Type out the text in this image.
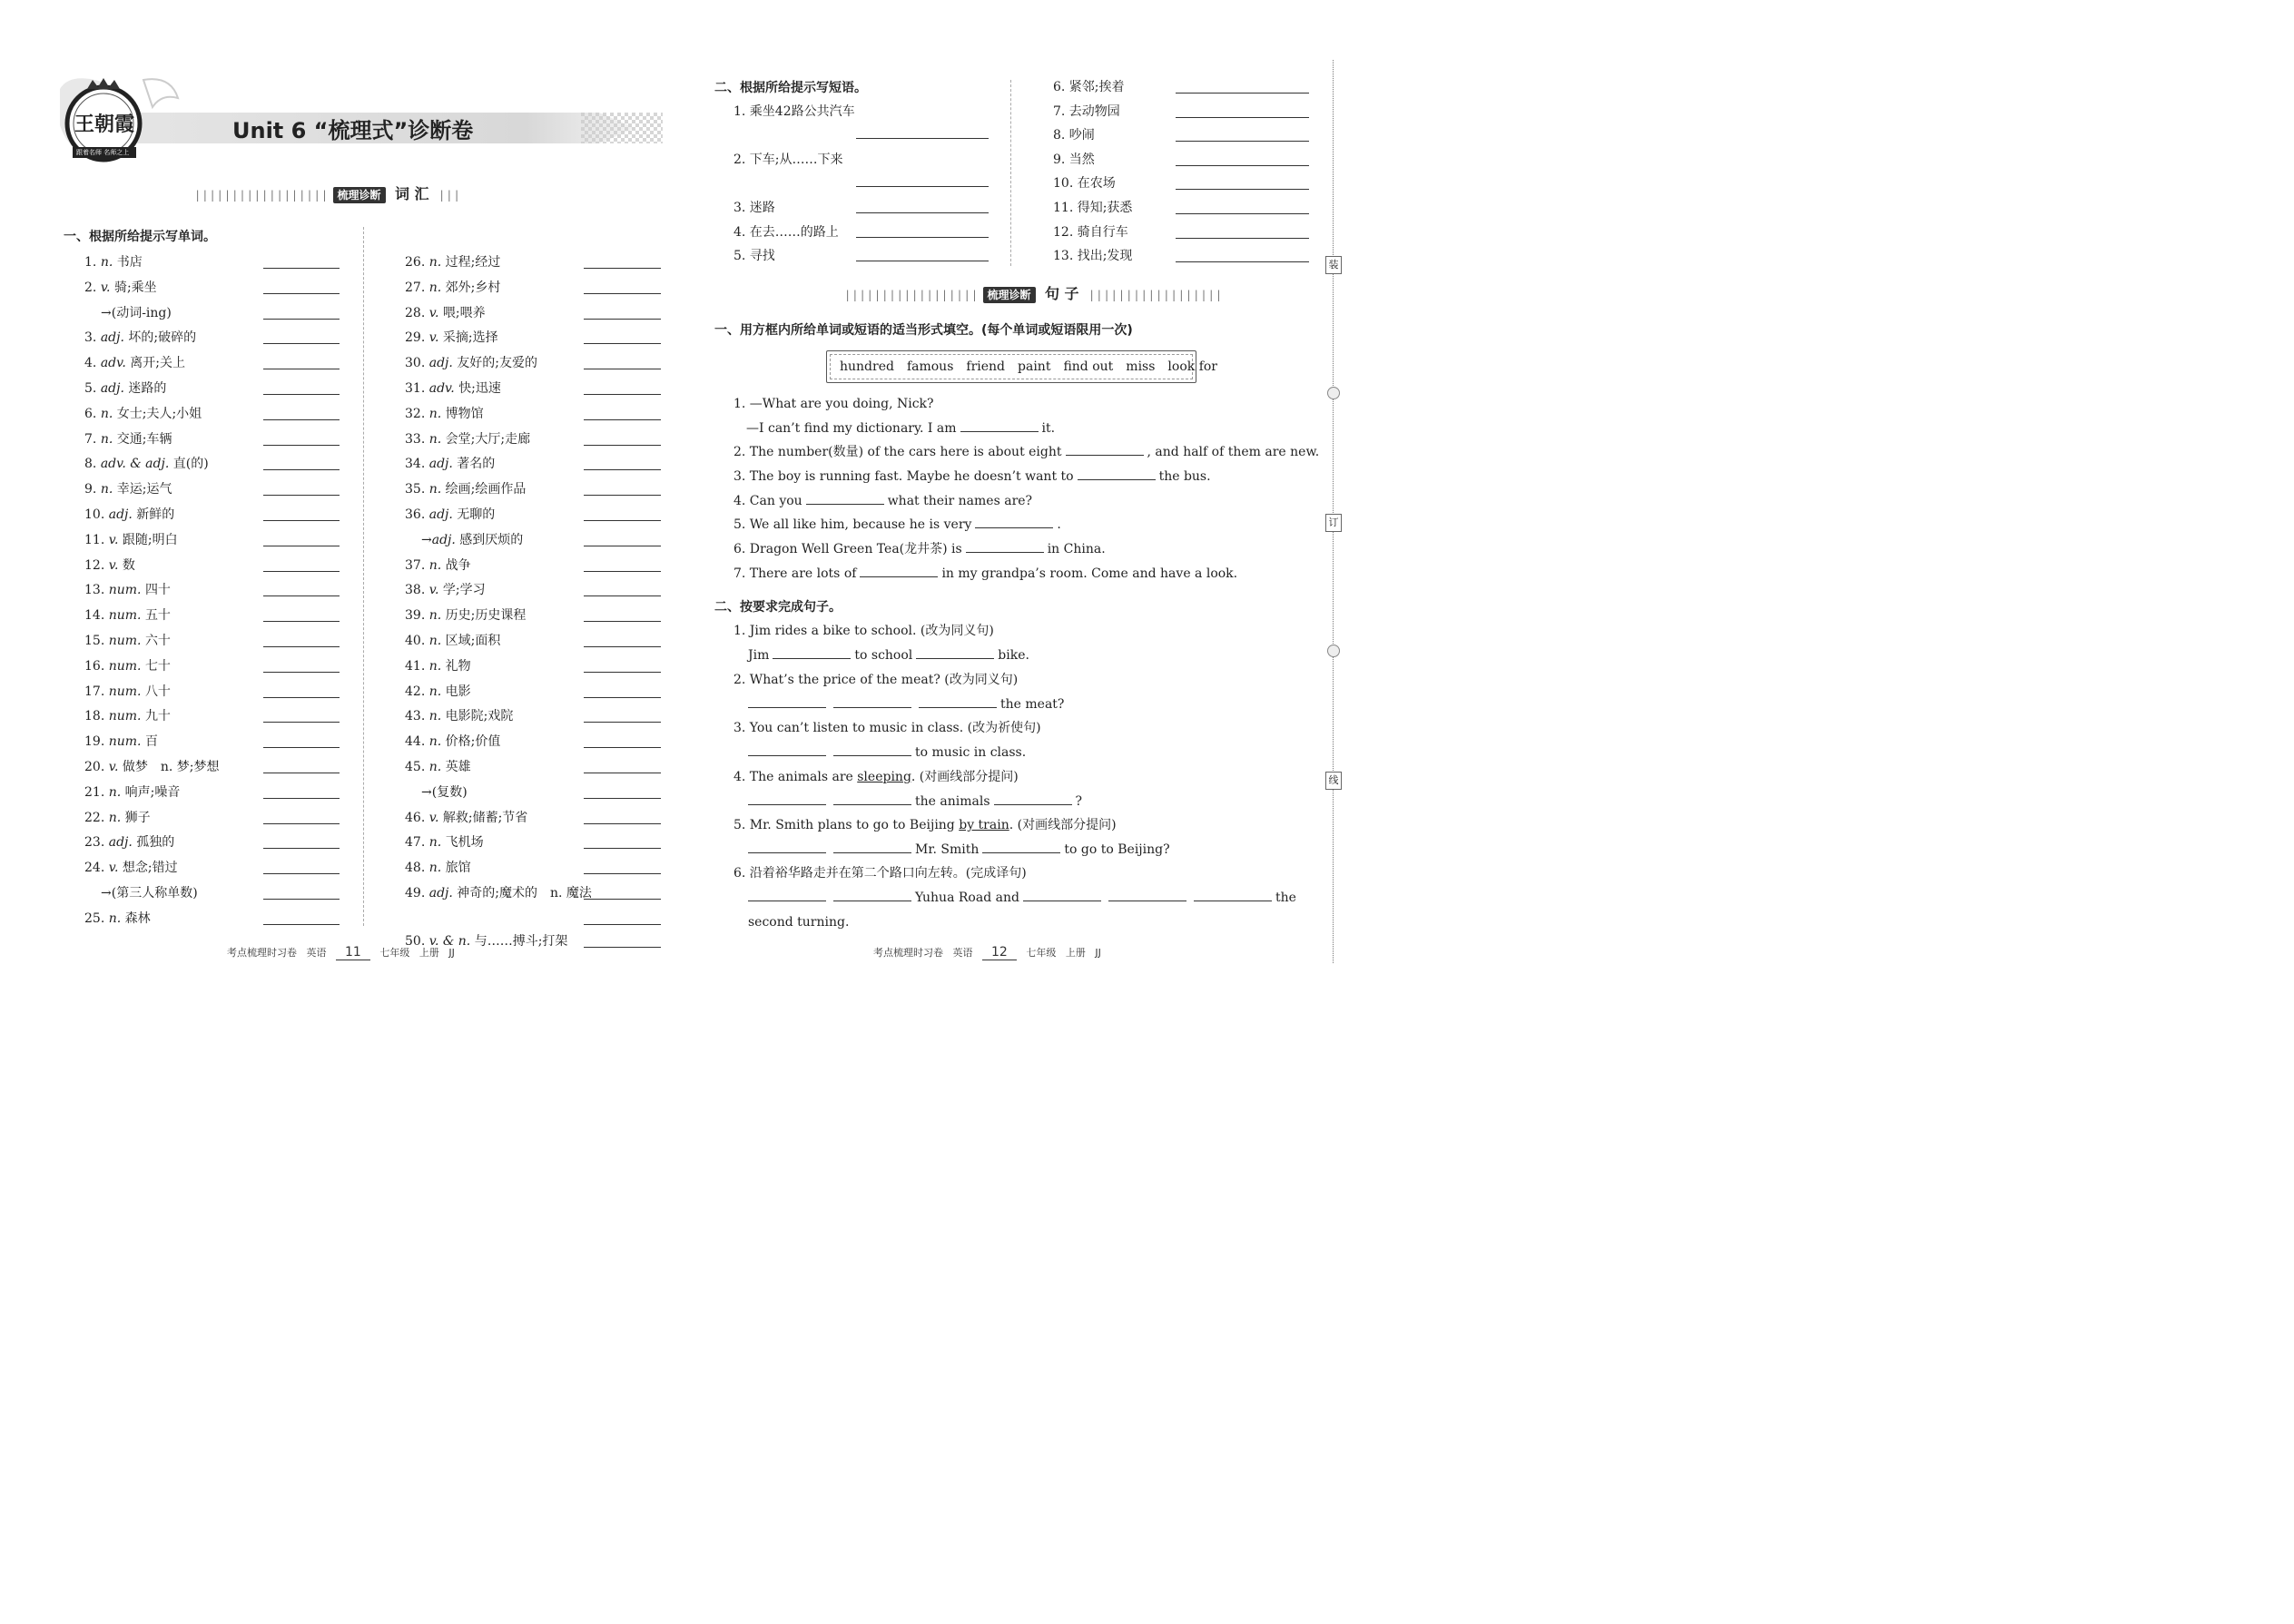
王朝霞
跟着名师 名师之上
Unit 6 “梳理式”诊断卷
|||||||||||||||||| 梳理诊断 词 汇 |||
一、根据所给提示写单词。
1. n. 书店
2. v. 骑;乘坐
→(动词-ing)
3. adj. 坏的;破碎的
4. adv. 离开;关上
5. adj. 迷路的
6. n. 女士;夫人;小姐
7. n. 交通;车辆
8. adv. & adj. 直(的)
9. n. 幸运;运气
10. adj. 新鲜的
11. v. 跟随;明白
12. v. 数
13. num. 四十
14. num. 五十
15. num. 六十
16. num. 七十
17. num. 八十
18. num. 九十
19. num. 百
20. v. 做梦　n. 梦;梦想
21. n. 响声;噪音
22. n. 狮子
23. adj. 孤独的
24. v. 想念;错过
→(第三人称单数)
25. n. 森林
26. n. 过程;经过
27. n. 郊外;乡村
28. v. 喂;喂养
29. v. 采摘;选择
30. adj. 友好的;友爱的
31. adv. 快;迅速
32. n. 博物馆
33. n. 会堂;大厅;走廊
34. adj. 著名的
35. n. 绘画;绘画作品
36. adj. 无聊的
→adj. 感到厌烦的
37. n. 战争
38. v. 学;学习
39. n. 历史;历史课程
40. n. 区域;面积
41. n. 礼物
42. n. 电影
43. n. 电影院;戏院
44. n. 价格;价值
45. n. 英雄
→(复数)
46. v. 解救;储蓄;节省
47. n. 飞机场
48. n. 旅馆
49. adj. 神奇的;魔术的　n. 魔法
50. v. & n. 与……搏斗;打架
考点梳理时习卷 英语 11 七年级 上册 JJ
二、根据所给提示写短语。
1. 乘坐42路公共汽车
2. 下车;从……下来
3. 迷路
4. 在去……的路上
5. 寻找
6. 紧邻;挨着
7. 去动物园
8. 吵闹
9. 当然
10. 在农场
11. 得知;获悉
12. 骑自行车
13. 找出;发现
|||||||||||||||||| 梳理诊断 句 子 ||||||||||||||||||
一、用方框内所给单词或短语的适当形式填空。(每个单词或短语限用一次)
hundred famous friend paint find out miss look for
1. —What are you doing, Nick?
—I can’t find my dictionary. I am	it.
2. The number(数量) of the cars here is about eight	, and half of them are new.
3. The boy is running fast. Maybe he doesn’t want to	the bus.
4. Can you	what their names are?
5. We all like him, because he is very	.
6. Dragon Well Green Tea(龙井茶) is	in China.
7. There are lots of	in my grandpa’s room. Come and have a look.
二、按要求完成句子。
1. Jim rides a bike to school. (改为同义句)
Jim	to school	bike.
2. What’s the price of the meat? (改为同义句)
the meat?
3. You can’t listen to music in class. (改为祈使句)
to music in class.
4. The animals are sleeping. (对画线部分提问)
the animals	?
5. Mr. Smith plans to go to Beijing by train. (对画线部分提问)
Mr. Smith	to go to Beijing?
6. 沿着裕华路走并在第二个路口向左转。(完成译句)
Yuhua Road and	the
second turning.
考点梳理时习卷 英语 12 七年级 上册 JJ
装
订
线
